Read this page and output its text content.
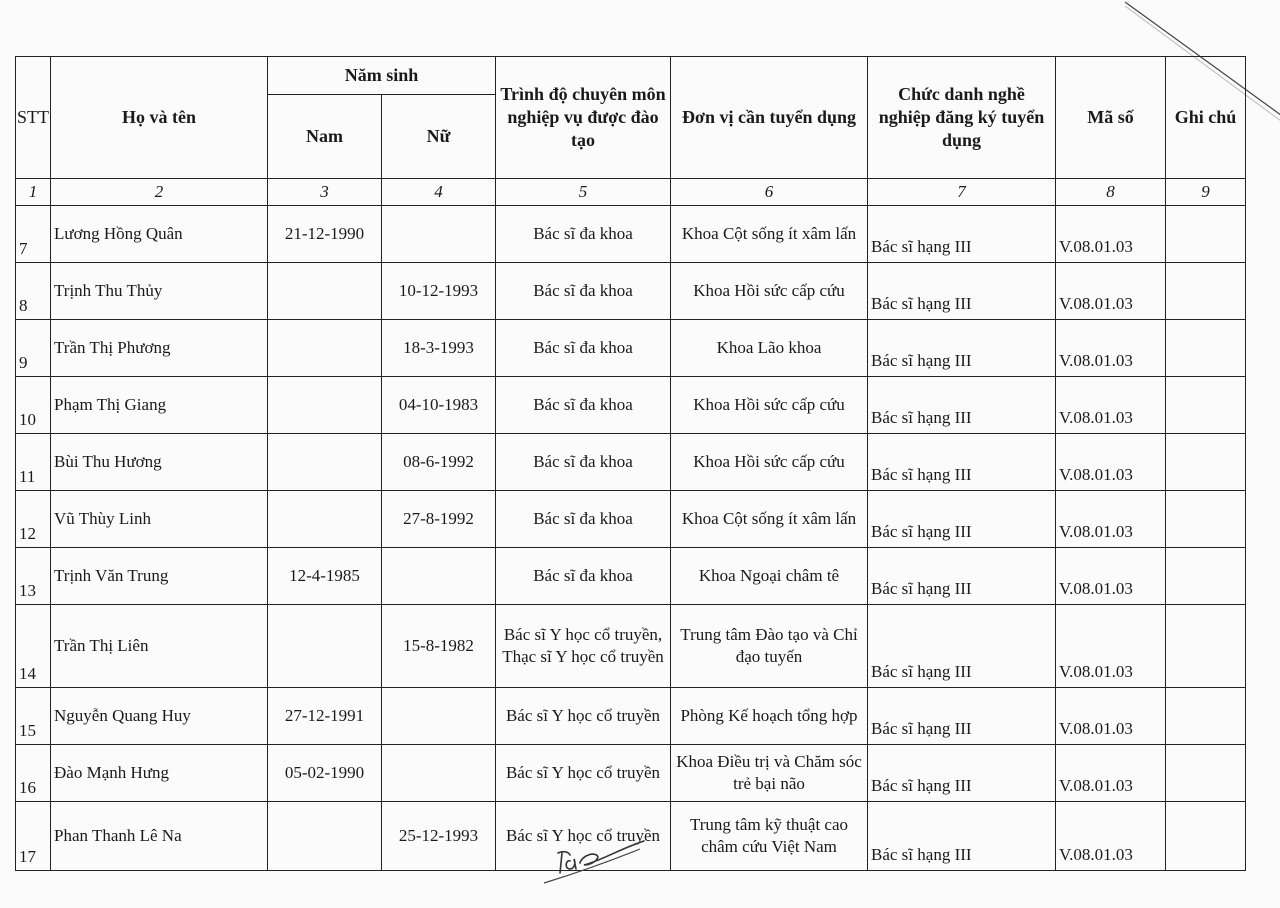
STT	Họ và tên	Năm sinh		Trình độ chuyên môn nghiệp vụ được đào tạo	Đơn vị cần tuyển dụng	Chức danh nghề nghiệp đăng ký tuyển dụng	Mã số	Ghi chú
		Nam	Nữ					
1	2	3	4	5	6	7	8	9
7	Lương Hồng Quân	21-12-1990		Bác sĩ đa khoa	Khoa Cột sống ít xâm lấn	Bác sĩ hạng III	V.08.01.03	
8	Trịnh Thu Thủy		10-12-1993	Bác sĩ đa khoa	Khoa Hồi sức cấp cứu	Bác sĩ hạng III	V.08.01.03	
9	Trần Thị Phương		18-3-1993	Bác sĩ đa khoa	Khoa Lão khoa	Bác sĩ hạng III	V.08.01.03	
10	Phạm Thị Giang		04-10-1983	Bác sĩ đa khoa	Khoa Hồi sức cấp cứu	Bác sĩ hạng III	V.08.01.03	
11	Bùi Thu Hương		08-6-1992	Bác sĩ đa khoa	Khoa Hồi sức cấp cứu	Bác sĩ hạng III	V.08.01.03	
12	Vũ Thùy Linh		27-8-1992	Bác sĩ đa khoa	Khoa Cột sống ít xâm lấn	Bác sĩ hạng III	V.08.01.03	
13	Trịnh Văn Trung	12-4-1985		Bác sĩ đa khoa	Khoa Ngoại châm tê	Bác sĩ hạng III	V.08.01.03	
14	Trần Thị Liên		15-8-1982	Bác sĩ Y học cổ truyền, Thạc sĩ Y học cổ truyền	Trung tâm Đào tạo và Chỉ đạo tuyến	Bác sĩ hạng III	V.08.01.03	
15	Nguyễn Quang Huy	27-12-1991		Bác sĩ Y học cổ truyền	Phòng Kế hoạch tổng hợp	Bác sĩ hạng III	V.08.01.03	
16	Đào Mạnh Hưng	05-02-1990		Bác sĩ Y học cổ truyền	Khoa Điều trị và Chăm sóc trẻ bại não	Bác sĩ hạng III	V.08.01.03	
17	Phan Thanh Lê Na		25-12-1993	Bác sĩ Y học cổ truyền	Trung tâm kỹ thuật cao châm cứu Việt Nam	Bác sĩ hạng III	V.08.01.03	
